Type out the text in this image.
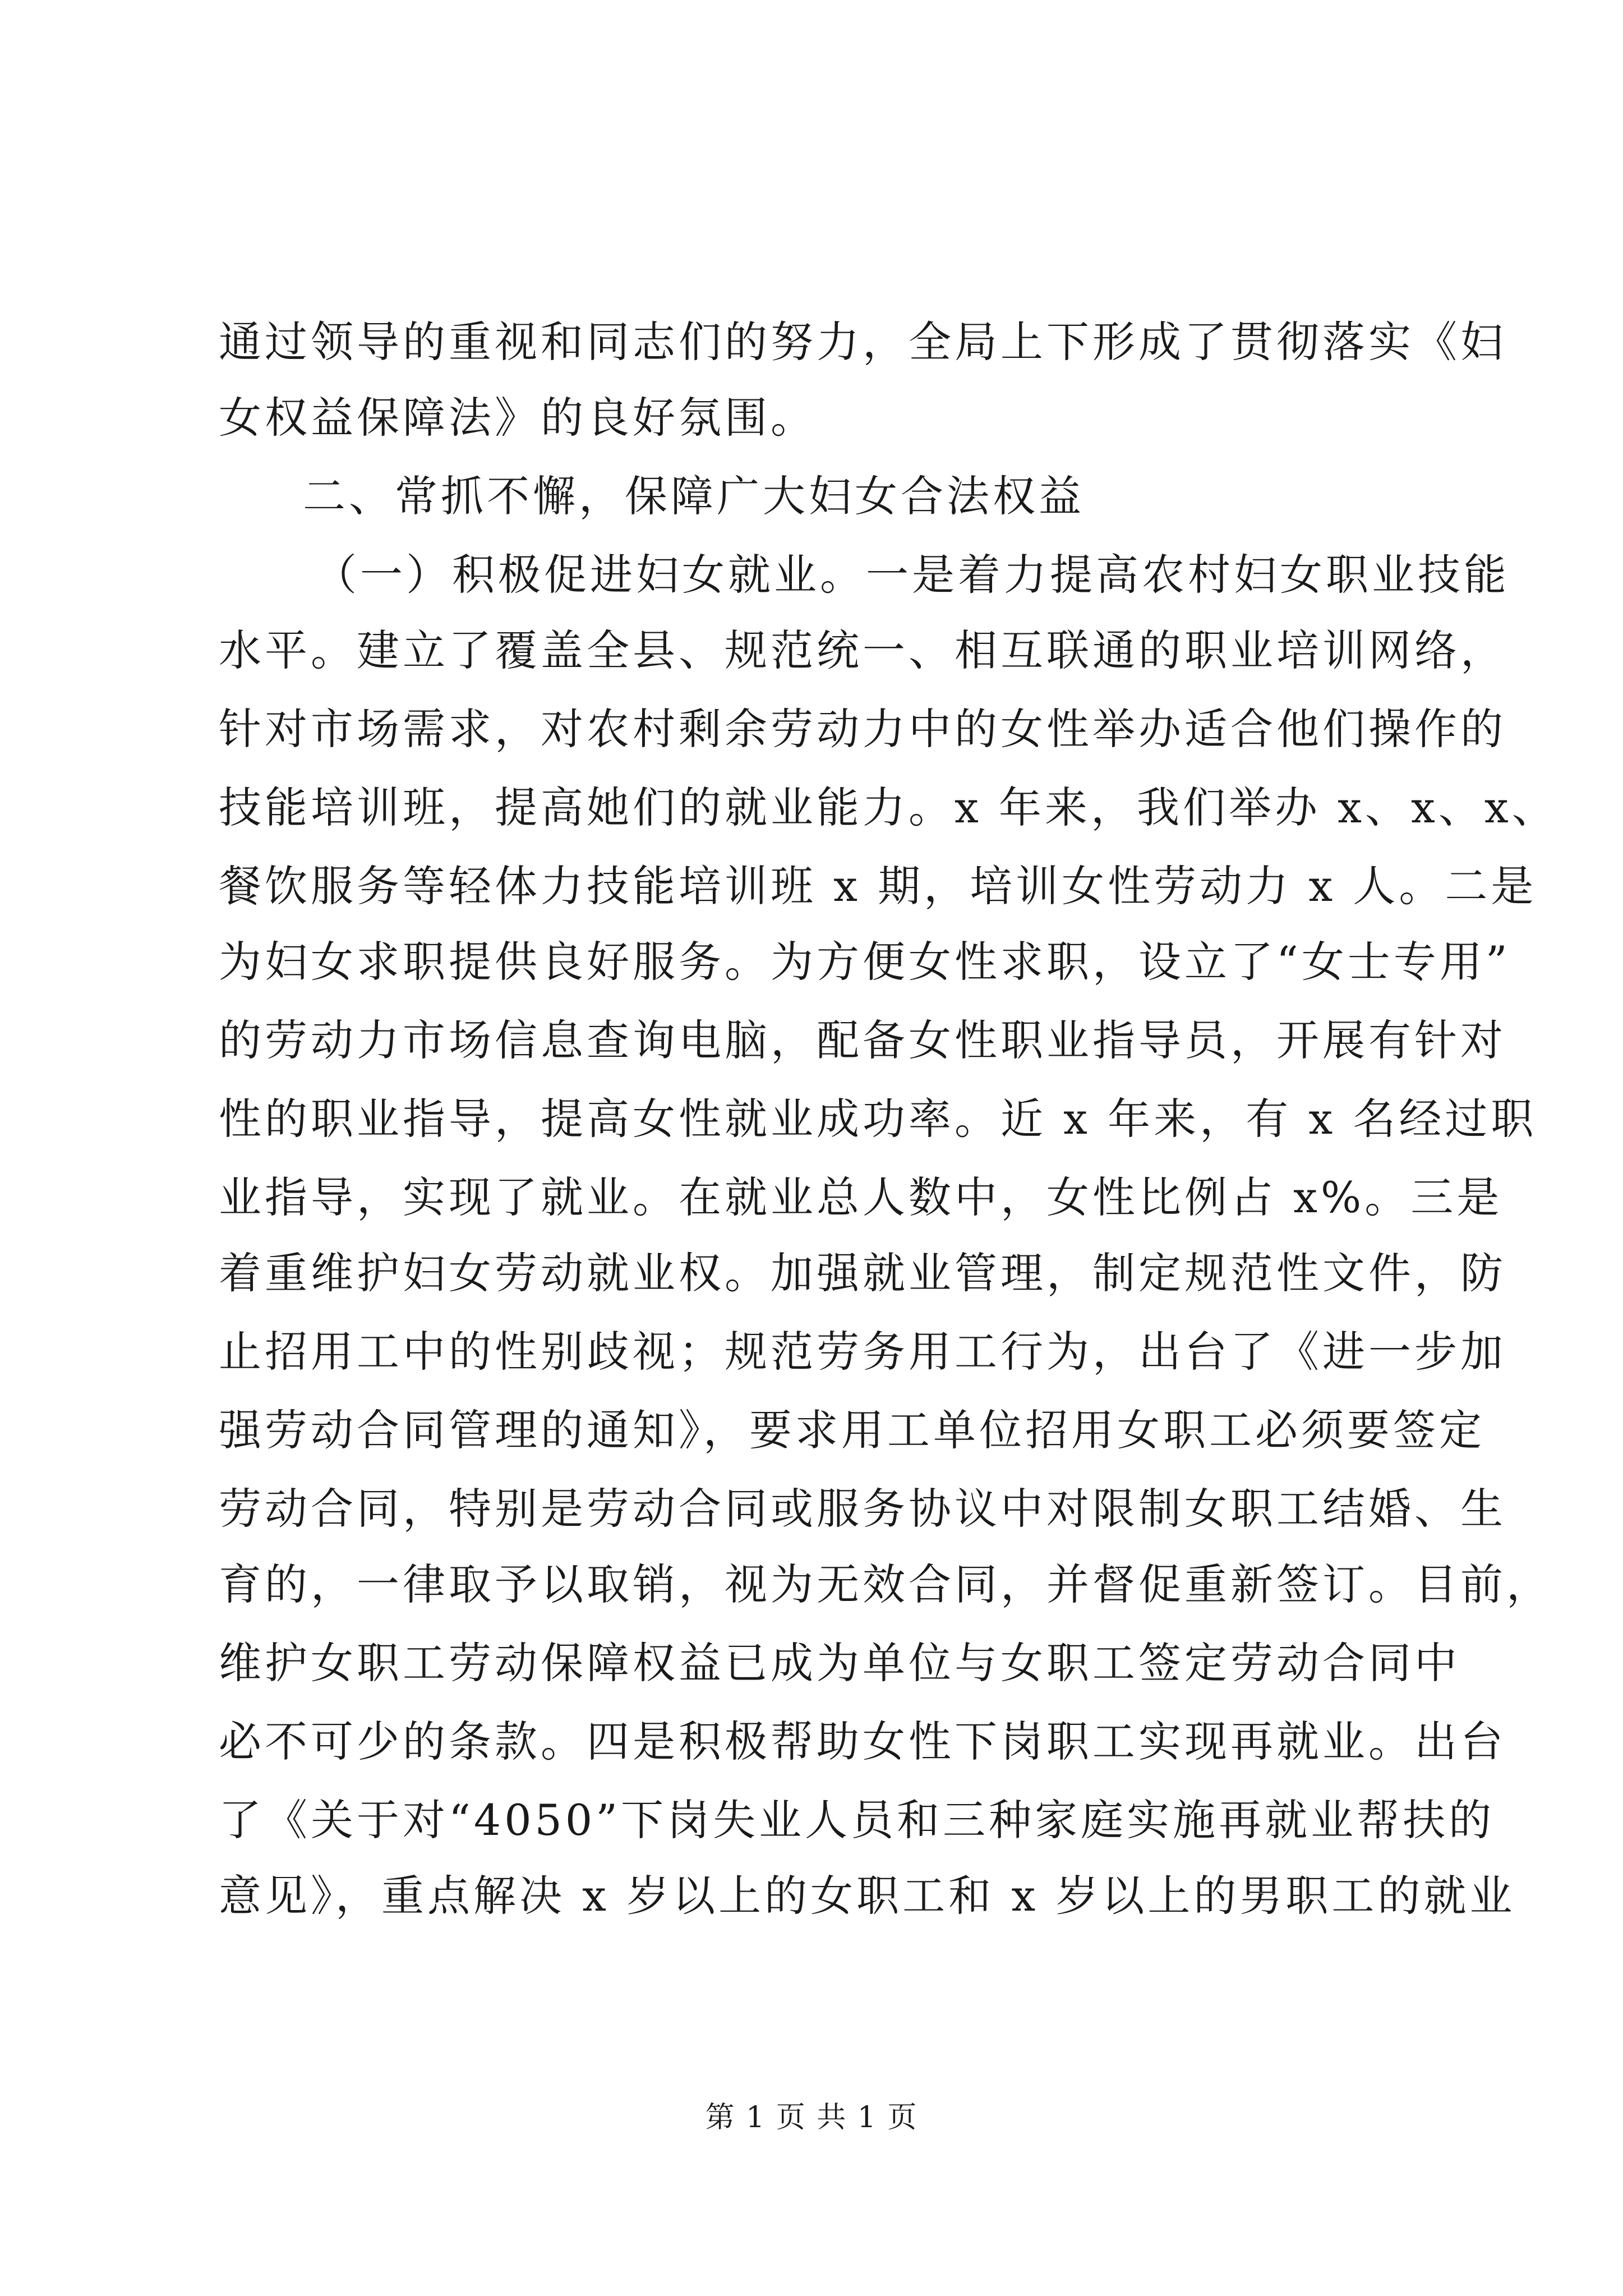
通过领导的重视和同志们的努力，全局上下形成了贯彻落实《妇
女权益保障法》的良好氛围。
二、常抓不懈，保障广大妇女合法权益
（一）积极促进妇女就业。一是着力提高农村妇女职业技能
水平。建立了覆盖全县、规范统一、相互联通的职业培训网络，
针对市场需求，对农村剩余劳动力中的女性举办适合他们操作的
技能培训班，提高她们的就业能力。x 年来，我们举办 x、x、x、
餐饮服务等轻体力技能培训班 x 期，培训女性劳动力 x 人。二是
为妇女求职提供良好服务。为方便女性求职，设立了“女士专用”
的劳动力市场信息查询电脑，配备女性职业指导员，开展有针对
性的职业指导，提高女性就业成功率。近 x 年来，有 x 名经过职
业指导，实现了就业。在就业总人数中，女性比例占 x%。三是
着重维护妇女劳动就业权。加强就业管理，制定规范性文件，防
止招用工中的性别歧视；规范劳务用工行为，出台了《进一步加
强劳动合同管理的通知》，要求用工单位招用女职工必须要签定
劳动合同，特别是劳动合同或服务协议中对限制女职工结婚、生
育的，一律取予以取销，视为无效合同，并督促重新签订。目前，
维护女职工劳动保障权益已成为单位与女职工签定劳动合同中
必不可少的条款。四是积极帮助女性下岗职工实现再就业。出台
了《关于对“4050”下岗失业人员和三种家庭实施再就业帮扶的
意见》，重点解决 x 岁以上的女职工和 x 岁以上的男职工的就业
第 1 页 共 1 页
